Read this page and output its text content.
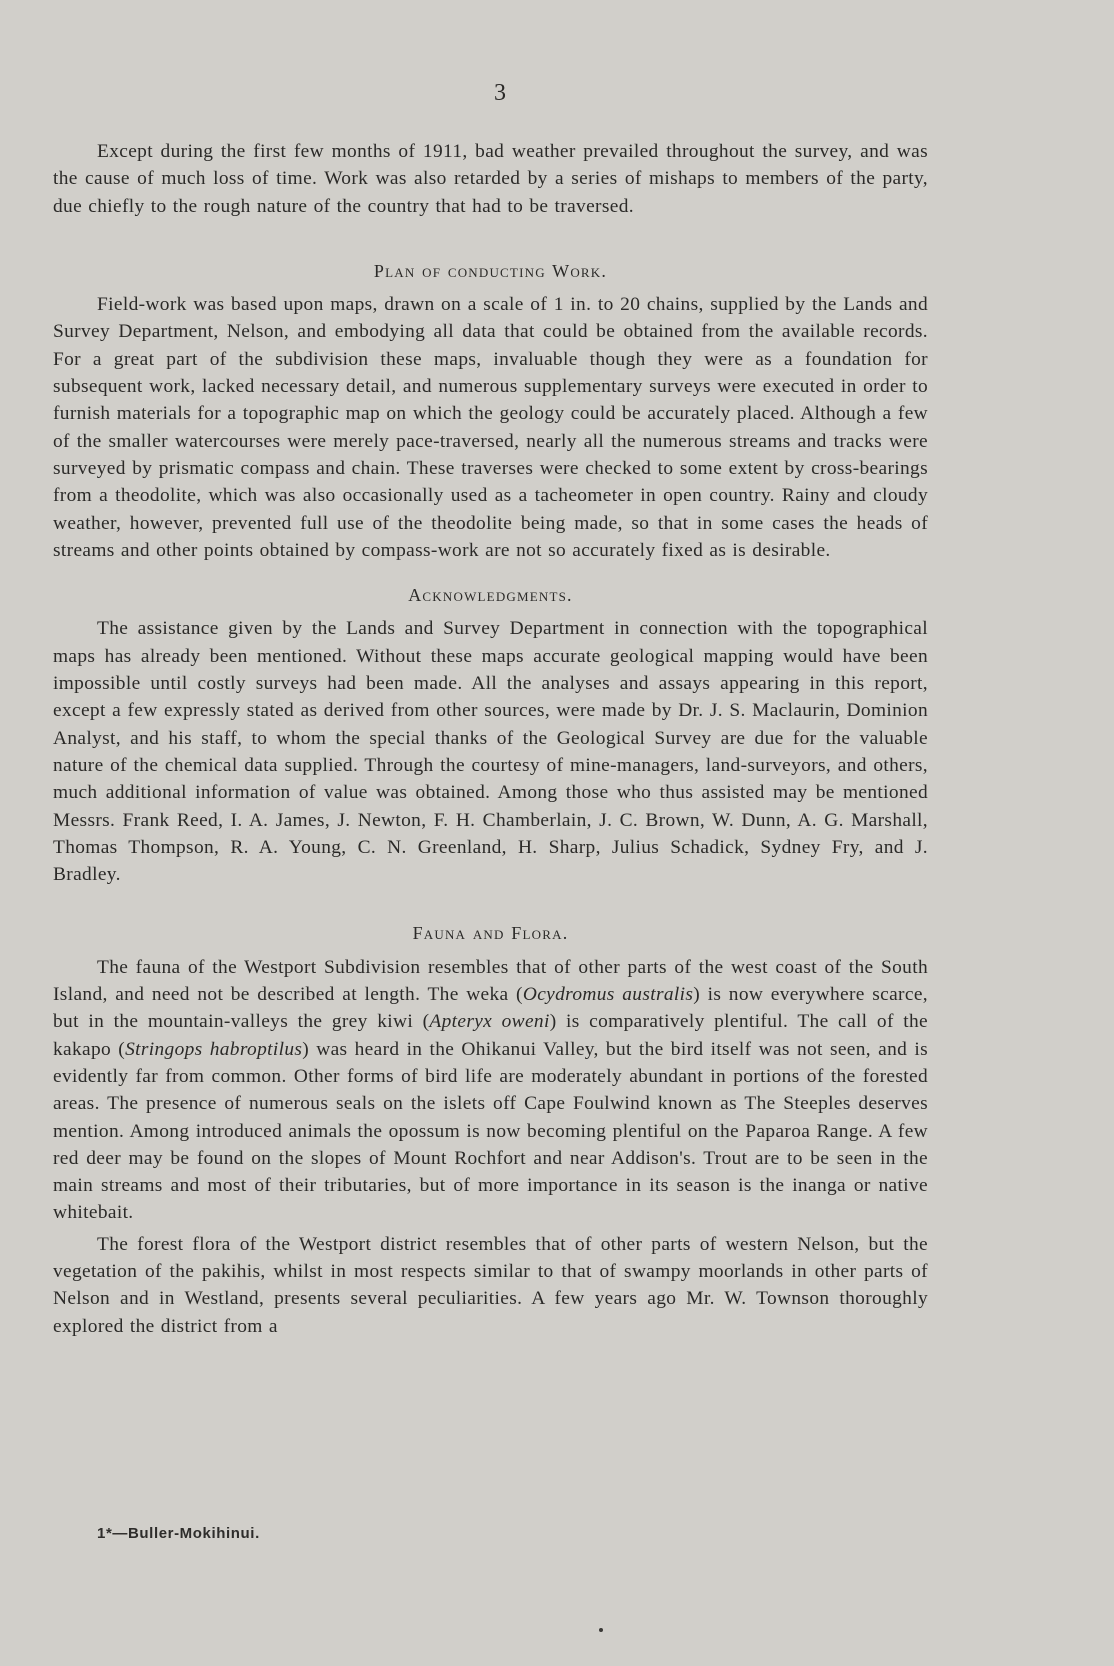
3

Except during the first few months of 1911, bad weather prevailed throughout the survey, and was the cause of much loss of time. Work was also retarded by a series of mishaps to members of the party, due chiefly to the rough nature of the country that had to be traversed.

Plan of conducting Work.

Field-work was based upon maps, drawn on a scale of 1 in. to 20 chains, supplied by the Lands and Survey Department, Nelson, and embodying all data that could be obtained from the available records. For a great part of the subdivision these maps, invaluable though they were as a foundation for subsequent work, lacked necessary detail, and numerous supplementary surveys were executed in order to furnish materials for a topographic map on which the geology could be accurately placed. Although a few of the smaller watercourses were merely pace-traversed, nearly all the numerous streams and tracks were surveyed by prismatic compass and chain. These traverses were checked to some extent by cross-bearings from a theodolite, which was also occasionally used as a tacheometer in open country. Rainy and cloudy weather, however, prevented full use of the theodolite being made, so that in some cases the heads of streams and other points obtained by compass-work are not so accurately fixed as is desirable.

Acknowledgments.

The assistance given by the Lands and Survey Department in connection with the topographical maps has already been mentioned. Without these maps accurate geological mapping would have been impossible until costly surveys had been made. All the analyses and assays appearing in this report, except a few expressly stated as derived from other sources, were made by Dr. J. S. Maclaurin, Dominion Analyst, and his staff, to whom the special thanks of the Geological Survey are due for the valuable nature of the chemical data supplied. Through the courtesy of mine-managers, land-surveyors, and others, much additional information of value was obtained. Among those who thus assisted may be mentioned Messrs. Frank Reed, I. A. James, J. Newton, F. H. Chamberlain, J. C. Brown, W. Dunn, A. G. Marshall, Thomas Thompson, R. A. Young, C. N. Greenland, H. Sharp, Julius Schadick, Sydney Fry, and J. Bradley.

Fauna and Flora.

The fauna of the Westport Subdivision resembles that of other parts of the west coast of the South Island, and need not be described at length. The weka (Ocydromus australis) is now everywhere scarce, but in the mountain-valleys the grey kiwi (Apteryx oweni) is comparatively plentiful. The call of the kakapo (Stringops habroptilus) was heard in the Ohikanui Valley, but the bird itself was not seen, and is evidently far from common. Other forms of bird life are moderately abundant in portions of the forested areas. The presence of numerous seals on the islets off Cape Foulwind known as The Steeples deserves mention. Among introduced animals the opossum is now becoming plentiful on the Paparoa Range. A few red deer may be found on the slopes of Mount Rochfort and near Addison's. Trout are to be seen in the main streams and most of their tributaries, but of more importance in its season is the inanga or native whitebait.

The forest flora of the Westport district resembles that of other parts of western Nelson, but the vegetation of the pakihis, whilst in most respects similar to that of swampy moorlands in other parts of Nelson and in Westland, presents several peculiarities. A few years ago Mr. W. Townson thoroughly explored the district from a

1*—Buller-Mokihinui.
